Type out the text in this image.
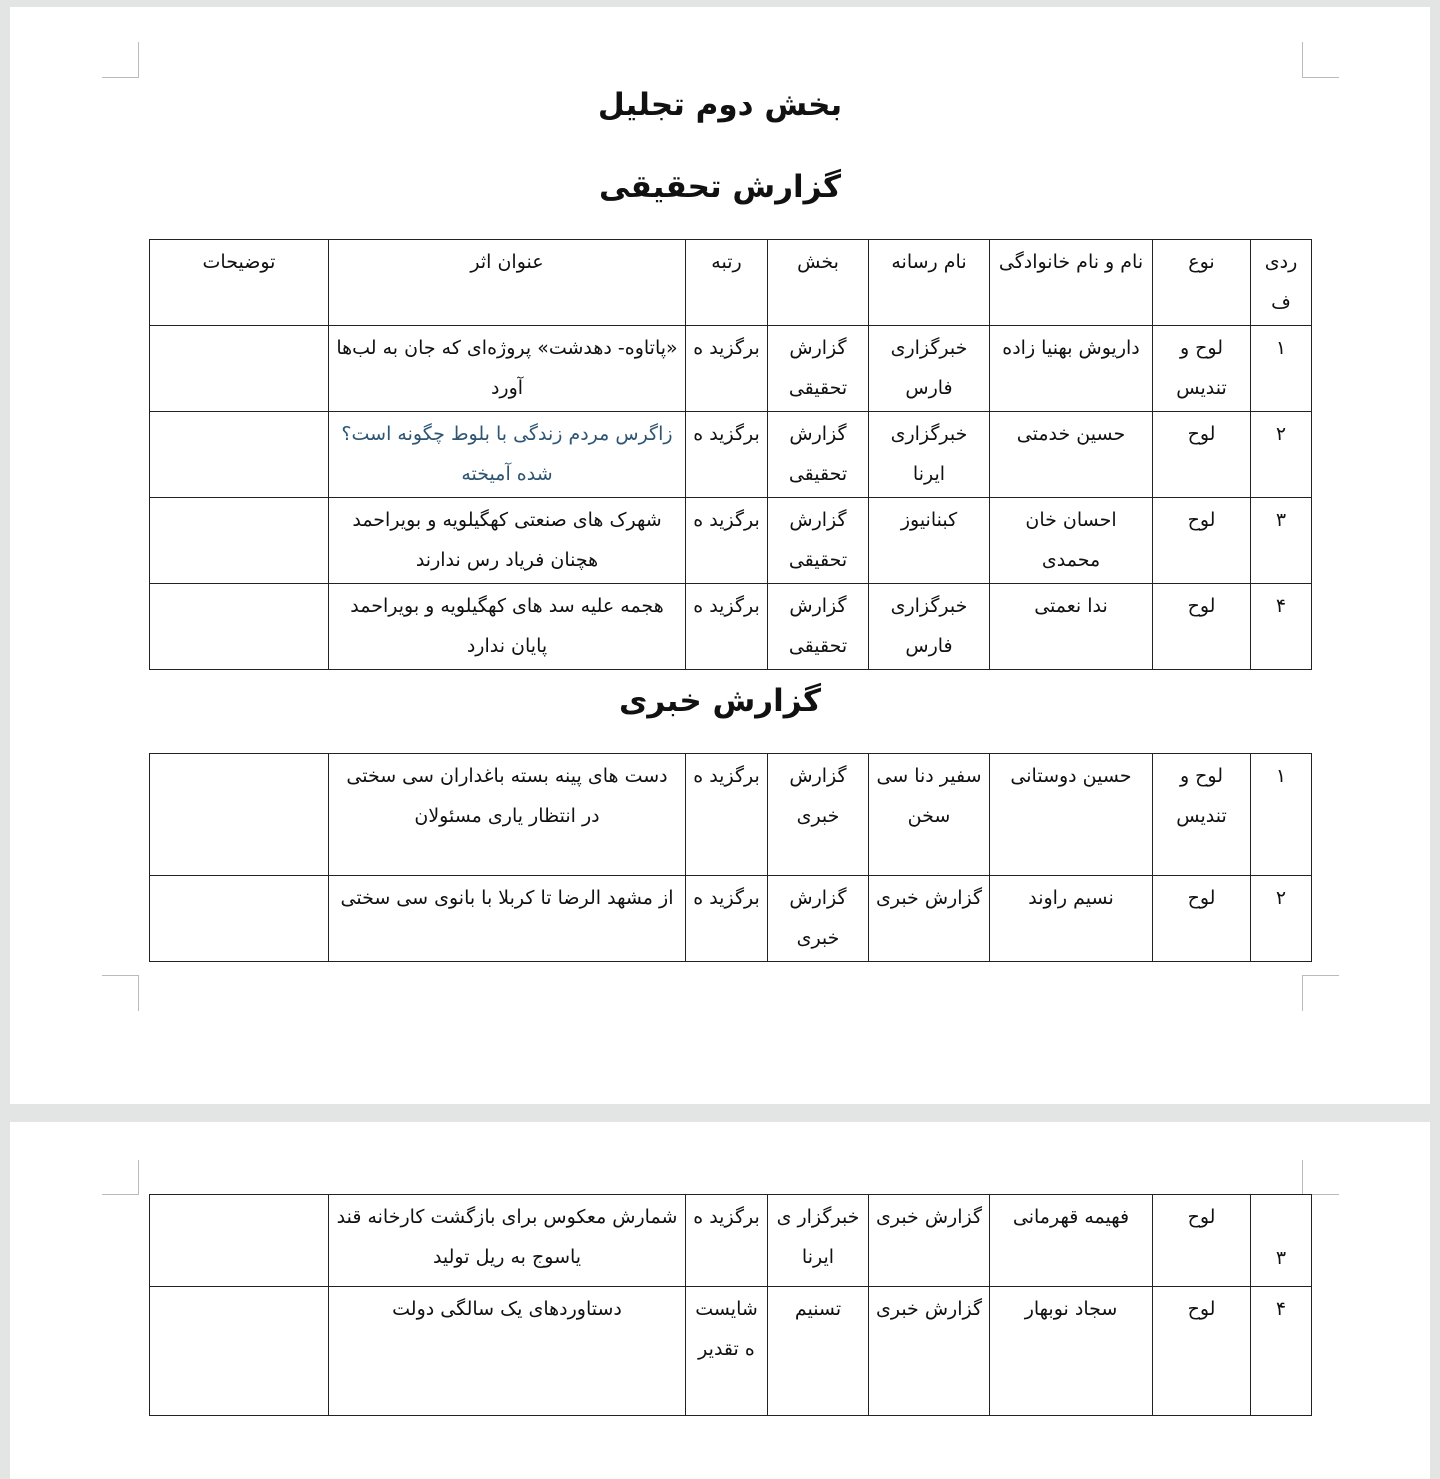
بخش دوم تجلیل
گزارش تحقیقی
ردی ف	نوع	نام و نام خانوادگی	نام رسانه	بخش	رتبه	عنوان اثر	توضیحات
۱	لوح و تندیس	داریوش بهنیا زاده	خبرگزاری فارس	گزارش تحقیقی	برگزید ه	«پاتاوه- دهدشت» پروژه‌ای که جان به لب‌ها آورد	
۲	لوح	حسین خدمتی	خبرگزاری ایرنا	گزارش تحقیقی	برگزید ه	زاگرس مردم زندگی با بلوط چگونه است؟ شده آمیخته	
۳	لوح	احسان خان محمدی	کبنانیوز	گزارش تحقیقی	برگزید ه	شهرک های صنعتی کهگیلویه و بویراحمد هچنان فریاد رس ندارند	
۴	لوح	ندا نعمتی	خبرگزاری فارس	گزارش تحقیقی	برگزید ه	هجمه علیه سد های کهگیلویه و بویراحمد پایان ندارد	
گزارش خبری
۱	لوح و تندیس	حسین دوستانی	سفیر دنا سی سخن	گزارش خبری	برگزید ه	دست های پینه بسته باغداران سی سختی در انتظار یاری مسئولان	
۲	لوح	نسیم راوند	گزارش خبری	گزارش خبری	برگزید ه	از مشهد الرضا تا کربلا با بانوی سی سختی	
۳	لوح	فهیمه قهرمانی	گزارش خبری	خبرگزار ی ایرنا	برگزید ه	شمارش معکوس برای بازگشت کارخانه قند یاسوج به ریل تولید	
۴	لوح	سجاد نوبهار	گزارش خبری	تسنیم	شایست ه تقدیر	دستاوردهای یک سالگی دولت	
